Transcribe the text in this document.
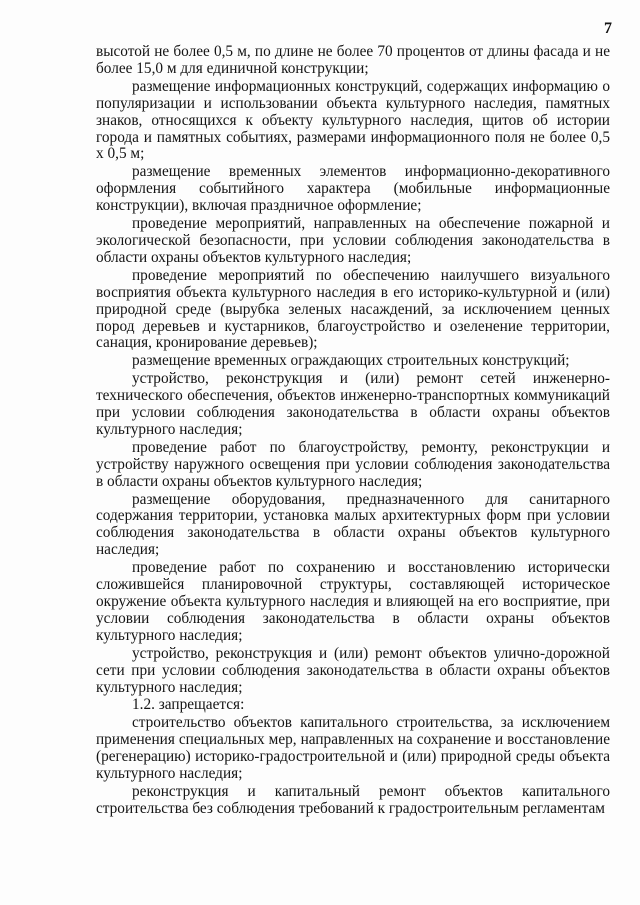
7

высотой не более 0,5 м, по длине не более 70 процентов от длины фасада и не более 15,0 м для единичной конструкции;

размещение информационных конструкций, содержащих информацию о популяризации и использовании объекта культурного наследия, памятных знаков, относящихся к объекту культурного наследия, щитов об истории города и памятных событиях, размерами информационного поля не более 0,5 х 0,5 м;

размещение временных элементов информационно-декоративного оформления событийного характера (мобильные информационные конструкции), включая праздничное оформление;

проведение мероприятий, направленных на обеспечение пожарной и экологической безопасности, при условии соблюдения законодательства в области охраны объектов культурного наследия;

проведение мероприятий по обеспечению наилучшего визуального восприятия объекта культурного наследия в его историко-культурной и (или) природной среде (вырубка зеленых насаждений, за исключением ценных пород деревьев и кустарников, благоустройство и озеленение территории, санация, кронирование деревьев);

размещение временных ограждающих строительных конструкций;

устройство, реконструкция и (или) ремонт сетей инженерно-технического обеспечения, объектов инженерно-транспортных коммуникаций при условии соблюдения законодательства в области охраны объектов культурного наследия;

проведение работ по благоустройству, ремонту, реконструкции и устройству наружного освещения при условии соблюдения законодательства в области охраны объектов культурного наследия;

размещение оборудования, предназначенного для санитарного содержания территории, установка малых архитектурных форм при условии соблюдения законодательства в области охраны объектов культурного наследия;

проведение работ по сохранению и восстановлению исторически сложившейся планировочной структуры, составляющей историческое окружение объекта культурного наследия и влияющей на его восприятие, при условии соблюдения законодательства в области охраны объектов культурного наследия;

устройство, реконструкция и (или) ремонт объектов улично-дорожной сети при условии соблюдения законодательства в области охраны объектов культурного наследия;

1.2. запрещается:

строительство объектов капитального строительства, за исключением применения специальных мер, направленных на сохранение и восстановление (регенерацию) историко-градостроительной и (или) природной среды объекта культурного наследия;

реконструкция и капитальный ремонт объектов капитального строительства без соблюдения требований к градостроительным регламентам
